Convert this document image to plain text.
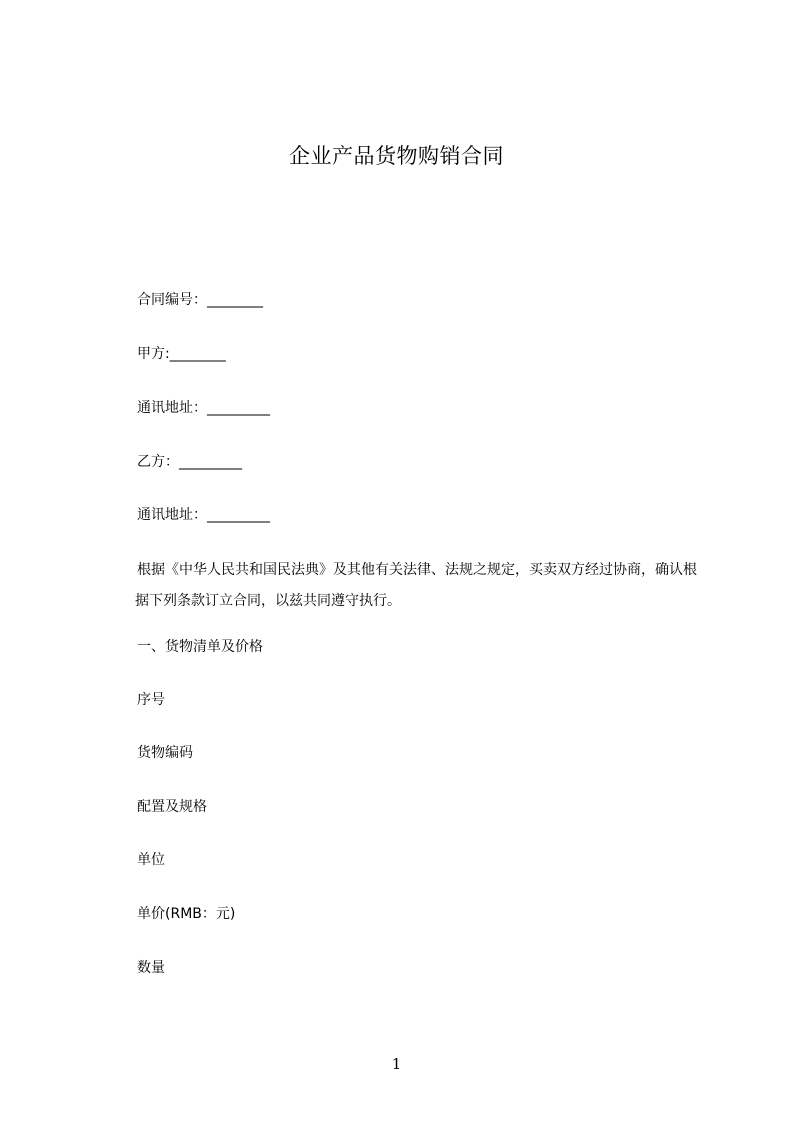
企业产品货物购销合同
合同编号：________
甲方:________
通讯地址：_________
乙方：_________
通讯地址：_________
根据《中华人民共和国民法典》及其他有关法律、法规之规定，买卖双方经过协商，确认根据下列条款订立合同，以兹共同遵守执行。
一、货物清单及价格
序号
货物编码
配置及规格
单位
单价(RMB：元)
数量
1
